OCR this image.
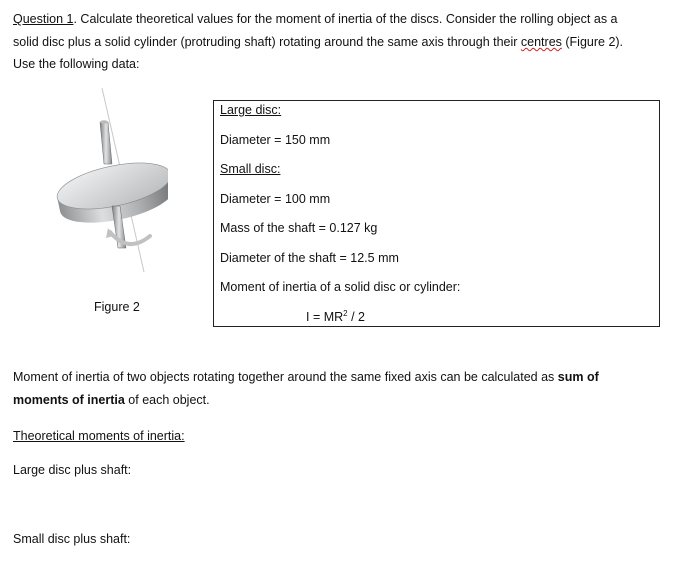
Question 1. Calculate theoretical values for the moment of inertia of the discs. Consider the rolling object as a
solid disc plus a solid cylinder (protruding shaft) rotating around the same axis through their centres (Figure 2).
Use the following data:
Figure 2
Large disc:
Diameter = 150 mm
Small disc:
Diameter = 100 mm
Mass of the shaft = 0.127 kg
Diameter of the shaft = 12.5 mm
Moment of inertia of a solid disc or cylinder:
$I = MR^2 / 2$
Moment of inertia of two objects rotating together around the same fixed axis can be calculated as sum of
moments of inertia of each object.
Theoretical moments of inertia:
Large disc plus shaft:
Small disc plus shaft:
